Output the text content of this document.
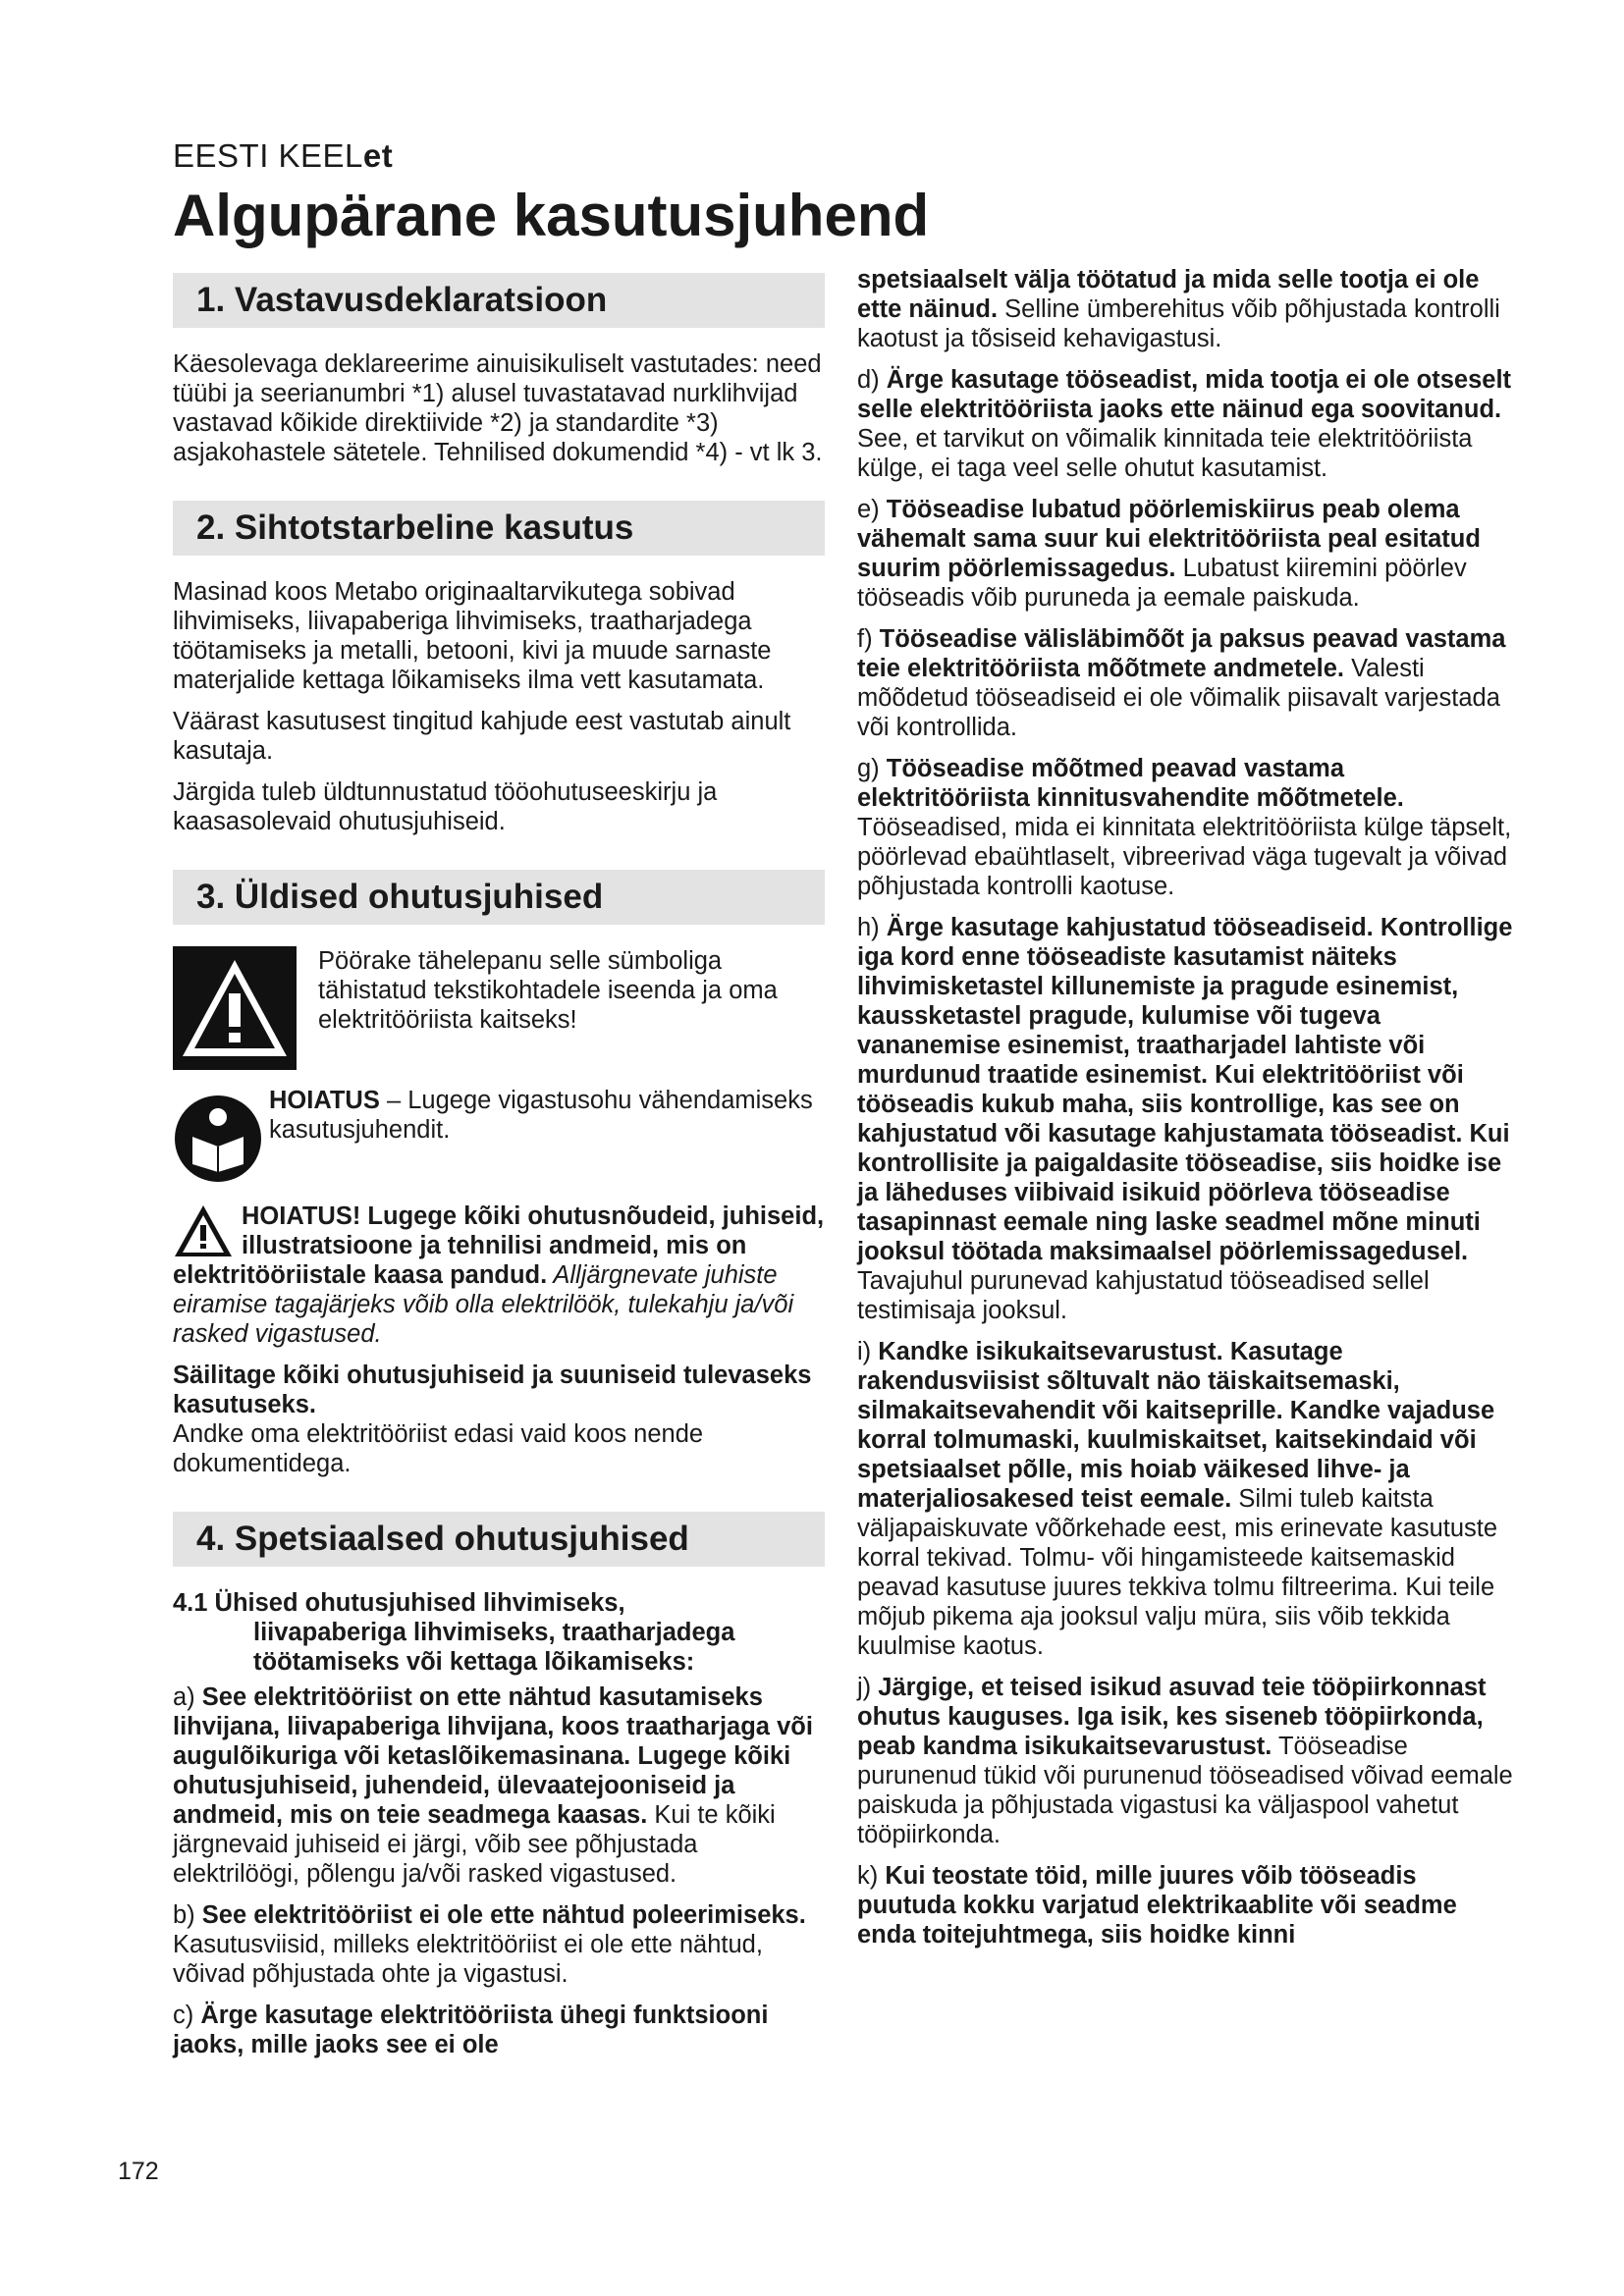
EESTI KEELet
Algupärane kasutusjuhend
1. Vastavusdeklaratsioon

Käesolevaga deklareerime ainuisikuliselt vastutades: need tüübi ja seerianumbri *1) alusel tuvastatavad nurklihvijad vastavad kõikide direktiivide *2) ja standardite *3) asjakohastele sätetele. Tehnilised dokumendid *4) - vt lk 3.

2. Sihtotstarbeline kasutus

Masinad koos Metabo originaaltarvikutega sobivad lihvimiseks, liivapaberiga lihvimiseks, traatharjadega töötamiseks ja metalli, betooni, kivi ja muude sarnaste materjalide kettaga lõikamiseks ilma vett kasutamata.

Väärast kasutusest tingitud kahjude eest vastutab ainult kasutaja.

Järgida tuleb üldtunnustatud tööohutuseeskirju ja kaasasolevaid ohutusjuhiseid.

3. Üldised ohutusjuhised

Pöörake tähelepanu selle sümboliga tähistatud tekstikohtadele iseenda ja oma elektritööriista kaitseks!

HOIATUS – Lugege vigastusohu vähendamiseks kasutusjuhendit.

HOIATUS! Lugege kõiki ohutusnõudeid, juhiseid, illustratsioone ja tehnilisi andmeid, mis on elektritööriistale kaasa pandud. Alljärgnevate juhiste eiramise tagajärjeks võib olla elektrilöök, tulekahju ja/või rasked vigastused.

Säilitage kõiki ohutusjuhiseid ja suuniseid tulevaseks kasutuseks.
Andke oma elektritööriist edasi vaid koos nende dokumentidega.

4. Spetsiaalsed ohutusjuhised
4.1 Ühised ohutusjuhised lihvimiseks,
liivapaberiga lihvimiseks, traatharjadega töötamiseks või kettaga lõikamiseks:

a) See elektritööriist on ette nähtud kasutamiseks lihvijana, liivapaberiga lihvijana, koos traatharjaga või augulõikuriga või ketaslõikemasinana. Lugege kõiki ohutusjuhiseid, juhendeid, ülevaatejooniseid ja andmeid, mis on teie seadmega kaasas. Kui te kõiki järgnevaid juhiseid ei järgi, võib see põhjustada elektrilöögi, põlengu ja/või rasked vigastused.

b) See elektritööriist ei ole ette nähtud poleerimiseks. Kasutusviisid, milleks elektritööriist ei ole ette nähtud, võivad põhjustada ohte ja vigastusi.

c) Ärge kasutage elektritööriista ühegi funktsiooni jaoks, mille jaoks see ei ole

spetsiaalselt välja töötatud ja mida selle tootja ei ole ette näinud. Selline ümberehitus võib põhjustada kontrolli kaotust ja tõsiseid kehavigastusi.

d) Ärge kasutage tööseadist, mida tootja ei ole otseselt selle elektritööriista jaoks ette näinud ega soovitanud. See, et tarvikut on võimalik kinnitada teie elektritööriista külge, ei taga veel selle ohutut kasutamist.

e) Tööseadise lubatud pöörlemiskiirus peab olema vähemalt sama suur kui elektritööriista peal esitatud suurim pöörlemissagedus. Lubatust kiiremini pöörlev tööseadis võib puruneda ja eemale paiskuda.

f) Tööseadise välisläbimõõt ja paksus peavad vastama teie elektritööriista mõõtmete andmetele. Valesti mõõdetud tööseadiseid ei ole võimalik piisavalt varjestada või kontrollida.

g) Tööseadise mõõtmed peavad vastama elektritööriista kinnitusvahendite mõõtmetele. Tööseadised, mida ei kinnitata elektritööriista külge täpselt, pöörlevad ebaühtlaselt, vibreerivad väga tugevalt ja võivad põhjustada kontrolli kaotuse.

h) Ärge kasutage kahjustatud tööseadiseid. Kontrollige iga kord enne tööseadiste kasutamist näiteks lihvimisketastel killunemiste ja pragude esinemist, kaussketastel pragude, kulumise või tugeva vananemise esinemist, traatharjadel lahtiste või murdunud traatide esinemist. Kui elektritööriist või tööseadis kukub maha, siis kontrollige, kas see on kahjustatud või kasutage kahjustamata tööseadist. Kui kontrollisite ja paigaldasite tööseadise, siis hoidke ise ja läheduses viibivaid isikuid pöörleva tööseadise tasapinnast eemale ning laske seadmel mõne minuti jooksul töötada maksimaalsel pöörlemissagedusel. Tavajuhul purunevad kahjustatud tööseadised sellel testimisaja jooksul.

i) Kandke isikukaitsevarustust. Kasutage rakendusviisist sõltuvalt näo täiskaitsemaski, silmakaitsevahendit või kaitseprille. Kandke vajaduse korral tolmumaski, kuulmiskaitset, kaitsekindaid või spetsiaalset põlle, mis hoiab väikesed lihve- ja materjaliosakesed teist eemale. Silmi tuleb kaitsta väljapaiskuvate võõrkehade eest, mis erinevate kasutuste korral tekivad. Tolmu- või hingamisteede kaitsemaskid peavad kasutuse juures tekkiva tolmu filtreerima. Kui teile mõjub pikema aja jooksul valju müra, siis võib tekkida kuulmise kaotus.

j) Järgige, et teised isikud asuvad teie tööpiirkonnast ohutus kauguses. Iga isik, kes siseneb tööpiirkonda, peab kandma isikukaitsevarustust. Tööseadise purunenud tükid või purunenud tööseadised võivad eemale paiskuda ja põhjustada vigastusi ka väljaspool vahetut tööpiirkonda.

k) Kui teostate töid, mille juures võib tööseadis puutuda kokku varjatud elektrikaablite või seadme enda toitejuhtmega, siis hoidke kinni

172
